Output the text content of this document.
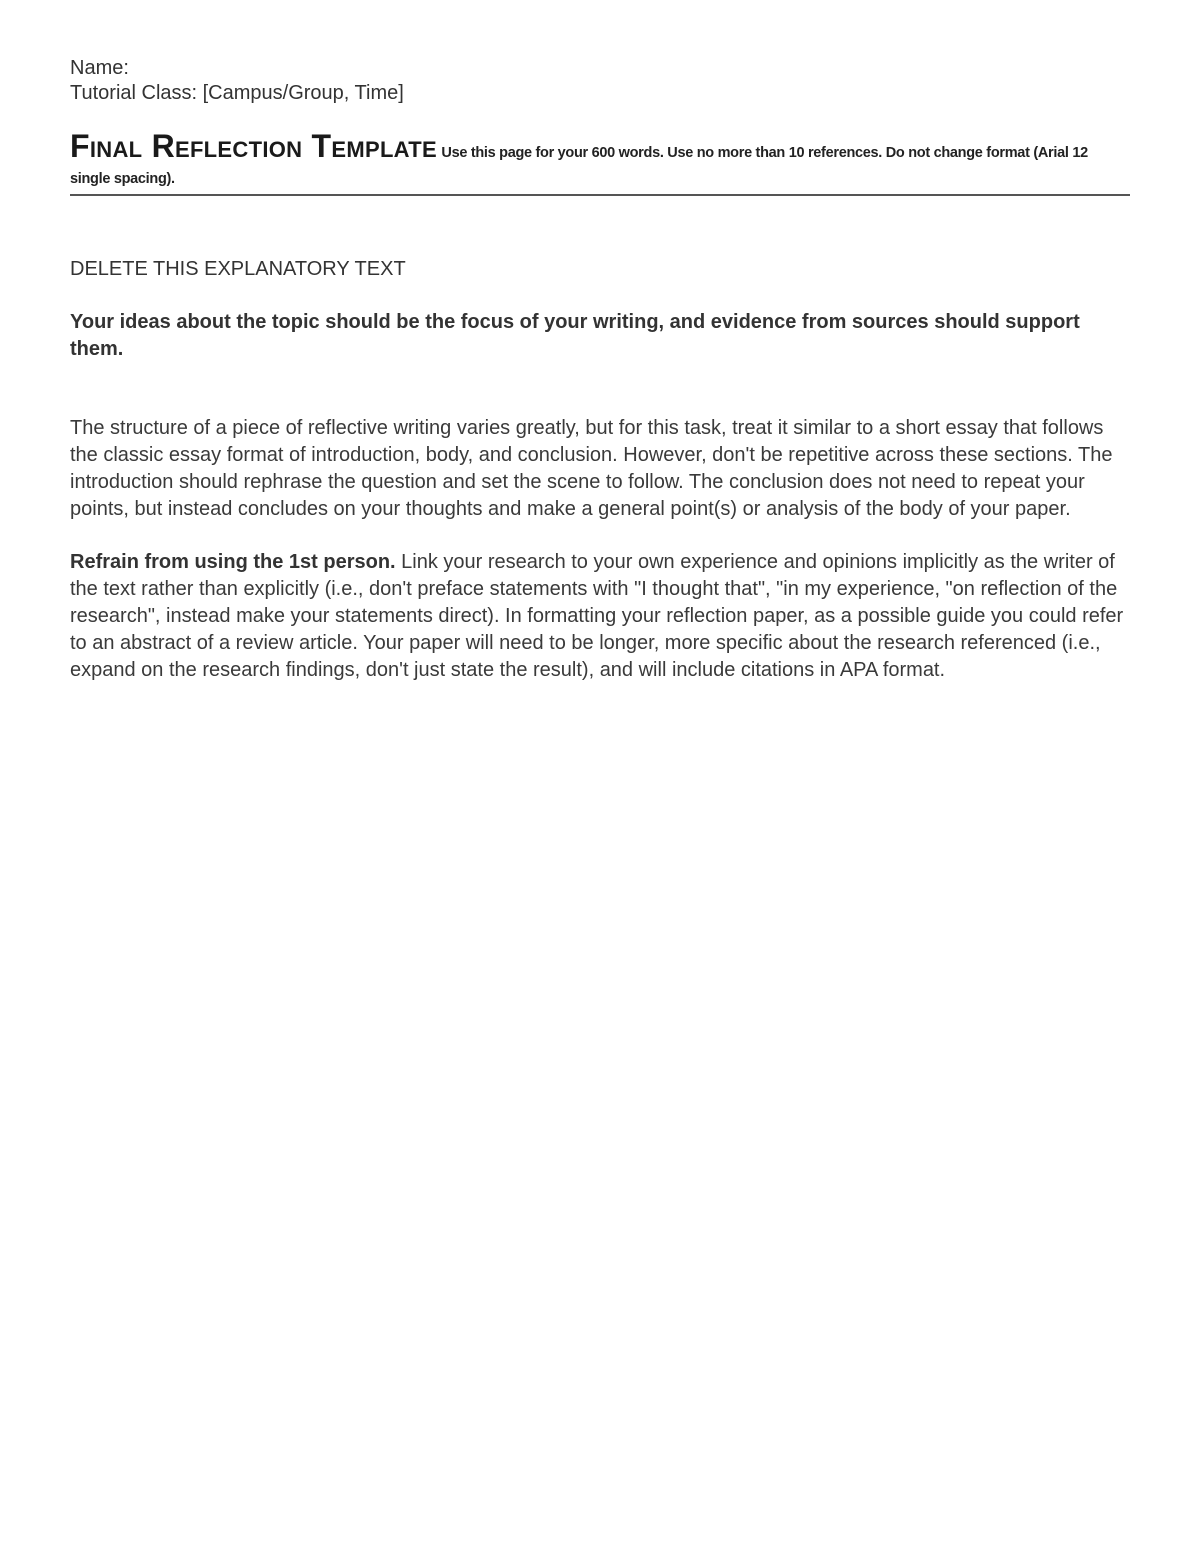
Name:

Tutorial Class: [Campus/Group, Time]

Final Reflection Template Use this page for your 600 words. Use no more than 10 references. Do not change format (Arial 12 single spacing).

DELETE THIS EXPLANATORY TEXT

Your ideas about the topic should be the focus of your writing, and evidence from sources should support them.

The structure of a piece of reflective writing varies greatly, but for this task, treat it similar to a short essay that follows the classic essay format of introduction, body, and conclusion. However, don't be repetitive across these sections. The introduction should rephrase the question and set the scene to follow. The conclusion does not need to repeat your points, but instead concludes on your thoughts and make a general point(s) or analysis of the body of your paper.

Refrain from using the 1st person. Link your research to your own experience and opinions implicitly as the writer of the text rather than explicitly (i.e., don't preface statements with "I thought that", "in my experience, "on reflection of the research", instead make your statements direct). In formatting your reflection paper, as a possible guide you could refer to an abstract of a review article. Your paper will need to be longer, more specific about the research referenced (i.e., expand on the research findings, don't just state the result), and will include citations in APA format.
